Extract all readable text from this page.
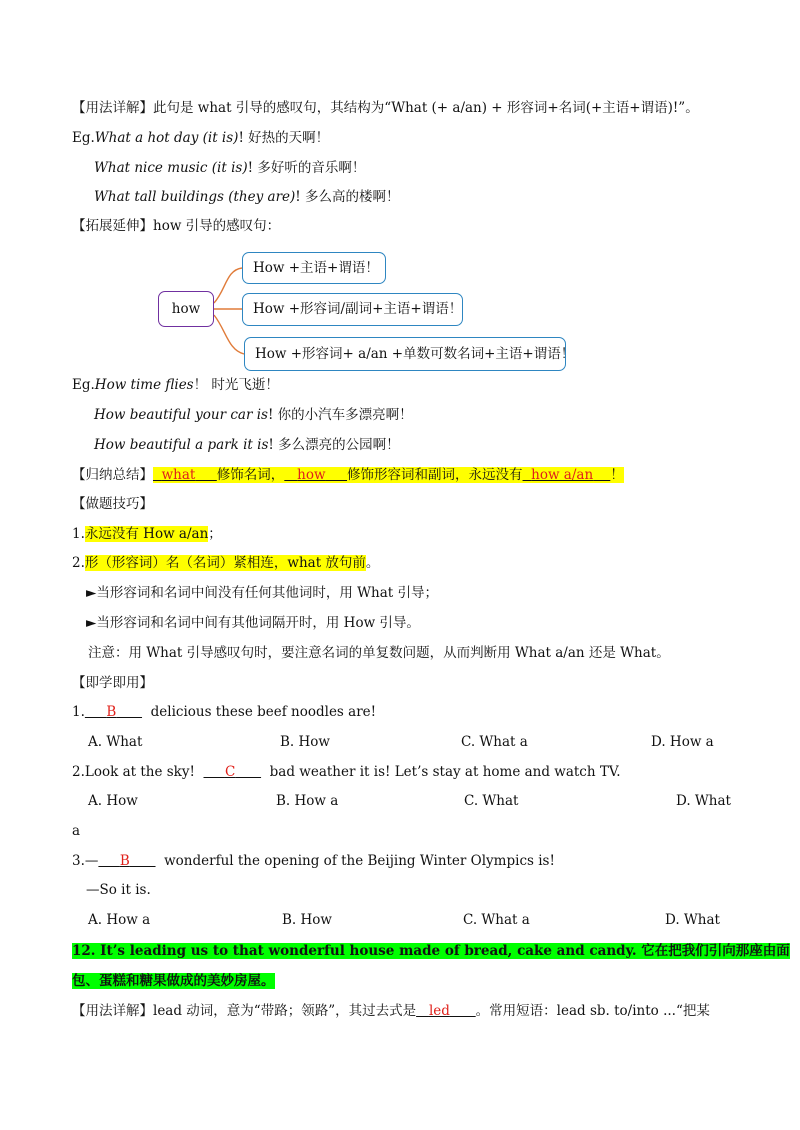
【用法详解】此句是 what 引导的感叹句，其结构为“What (+ a/an) + 形容词+名词(+主语+谓语)!”。
Eg.What a hot day (it is)! 好热的天啊！
What nice music (it is)! 多好听的音乐啊！
What tall buildings (they are)! 多么高的楼啊！
【拓展延伸】how 引导的感叹句：
how
How +主语+谓语！
How +形容词/副词+主语+谓语！
How +形容词+ a/an +单数可数名词+主语+谓语！
Eg.How time flies！ 时光飞逝！
How beautiful your car is! 你的小汽车多漂亮啊！
How beautiful a park it is! 多么漂亮的公园啊！
【归纳总结】 what 修饰名词， how 修饰形容词和副词，永远没有 how a/an ！
【做题技巧】
1.永远没有 How a/an；
2.形（形容词）名（名词）紧相连，what 放句前。
►当形容词和名词中间没有任何其他词时，用 What 引导；
►当形容词和名词中间有其他词隔开时，用 How 引导。
注意：用 What 引导感叹句时，要注意名词的单复数问题，从而判断用 What a/an 还是 What。
【即学即用】
1. B	delicious these beef noodles are!
A. What	B. How	C. What a	D. How a
2.Look at the sky! C	bad weather it is! Let’s stay at home and watch TV.
A. How	B. How a	C. What	D. What
a
3.— B	wonderful the opening of the Beijing Winter Olympics is!
—So it is.
A. How a	B. How	C. What a	D. What
12. It’s leading us to that wonderful house made of bread, cake and candy. 它在把我们引向那座由面
包、蛋糕和糖果做成的美妙房屋。
【用法详解】lead 动词，意为“带路；领路”，其过去式是 led 。常用短语：lead sb. to/into ...“把某
